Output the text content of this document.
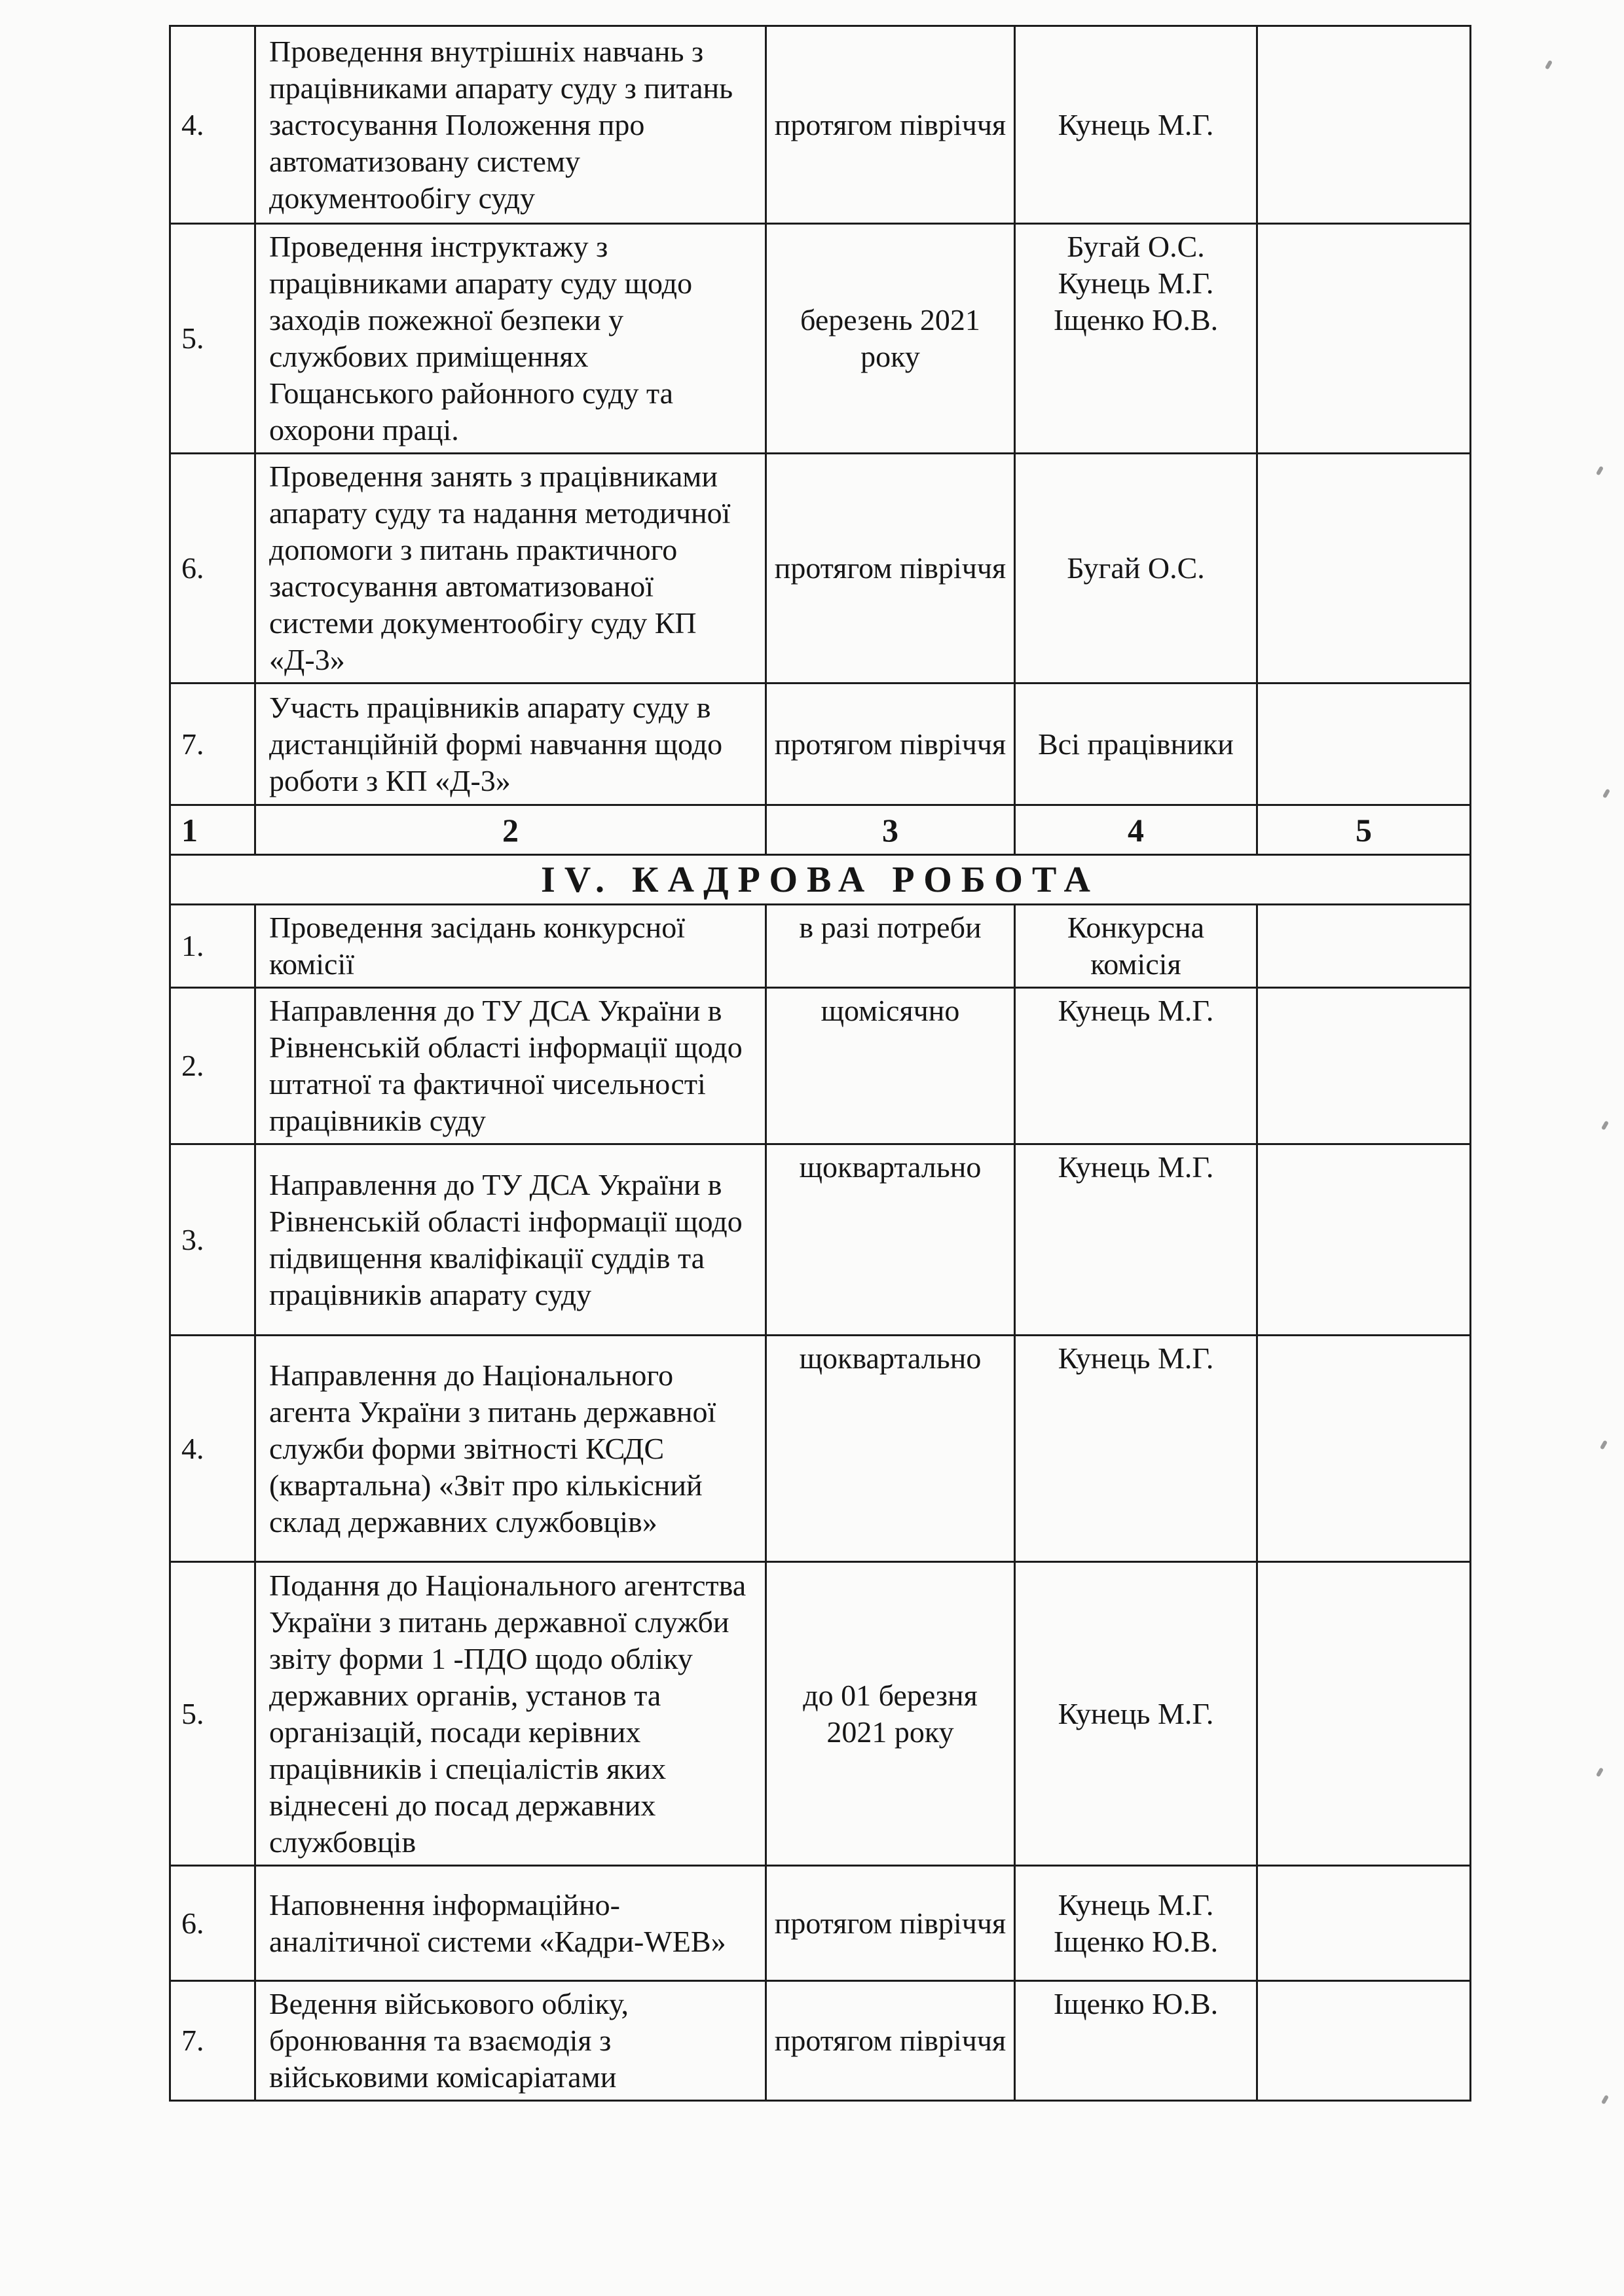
4.	Проведення внутрішніх навчань з працівниками апарату суду з питань застосування Положення про автоматизовану систему документообігу суду	протягом півріччя	Кунець М.Г.	
5.	Проведення інструктажу з працівниками апарату суду щодо заходів пожежної безпеки у службових приміщеннях Гощанського районного суду та охорони праці.	березень 2021 року	Бугай О.С. Кунець М.Г. Іщенко Ю.В.	
6.	Проведення занять з працівниками апарату суду та надання методичної допомоги з питань практичного застосування автоматизованої системи документообігу суду КП «Д-3»	протягом півріччя	Бугай О.С.	
7.	Участь працівників апарату суду в дистанційній формі навчання щодо роботи з КП «Д-3»	протягом півріччя	Всі працівники	
1	2	3	4	5
IV. КАДРОВА РОБОТА				
1.	Проведення засідань конкурсної комісії	в разі потреби	Конкурсна комісія	
2.	Направлення до ТУ ДСА України в Рівненській області інформації щодо штатної та фактичної чисельності працівників суду	щомісячно	Кунець М.Г.	
3.	Направлення до ТУ ДСА України в Рівненській області інформації щодо підвищення кваліфікації суддів та працівників апарату суду	щоквартально	Кунець М.Г.	
4.	Направлення до Національного агента України з питань державної служби форми звітності КСДС (квартальна) «Звіт про кількісний склад державних службовців»	щоквартально	Кунець М.Г.	
5.	Подання до Національного агентства України з питань державної служби звіту форми 1 -ПДО щодо обліку державних органів, установ та організацій, посади керівних працівників і спеціалістів яких віднесені до посад державних службовців	до 01 березня 2021 року	Кунець М.Г.	
6.	Наповнення інформаційно-аналітичної системи «Кадри-WEB»	протягом півріччя	Кунець М.Г. Іщенко Ю.В.	
7.	Ведення військового обліку, бронювання та взаємодія з військовими комісаріатами	протягом півріччя	Іщенко Ю.В.	
